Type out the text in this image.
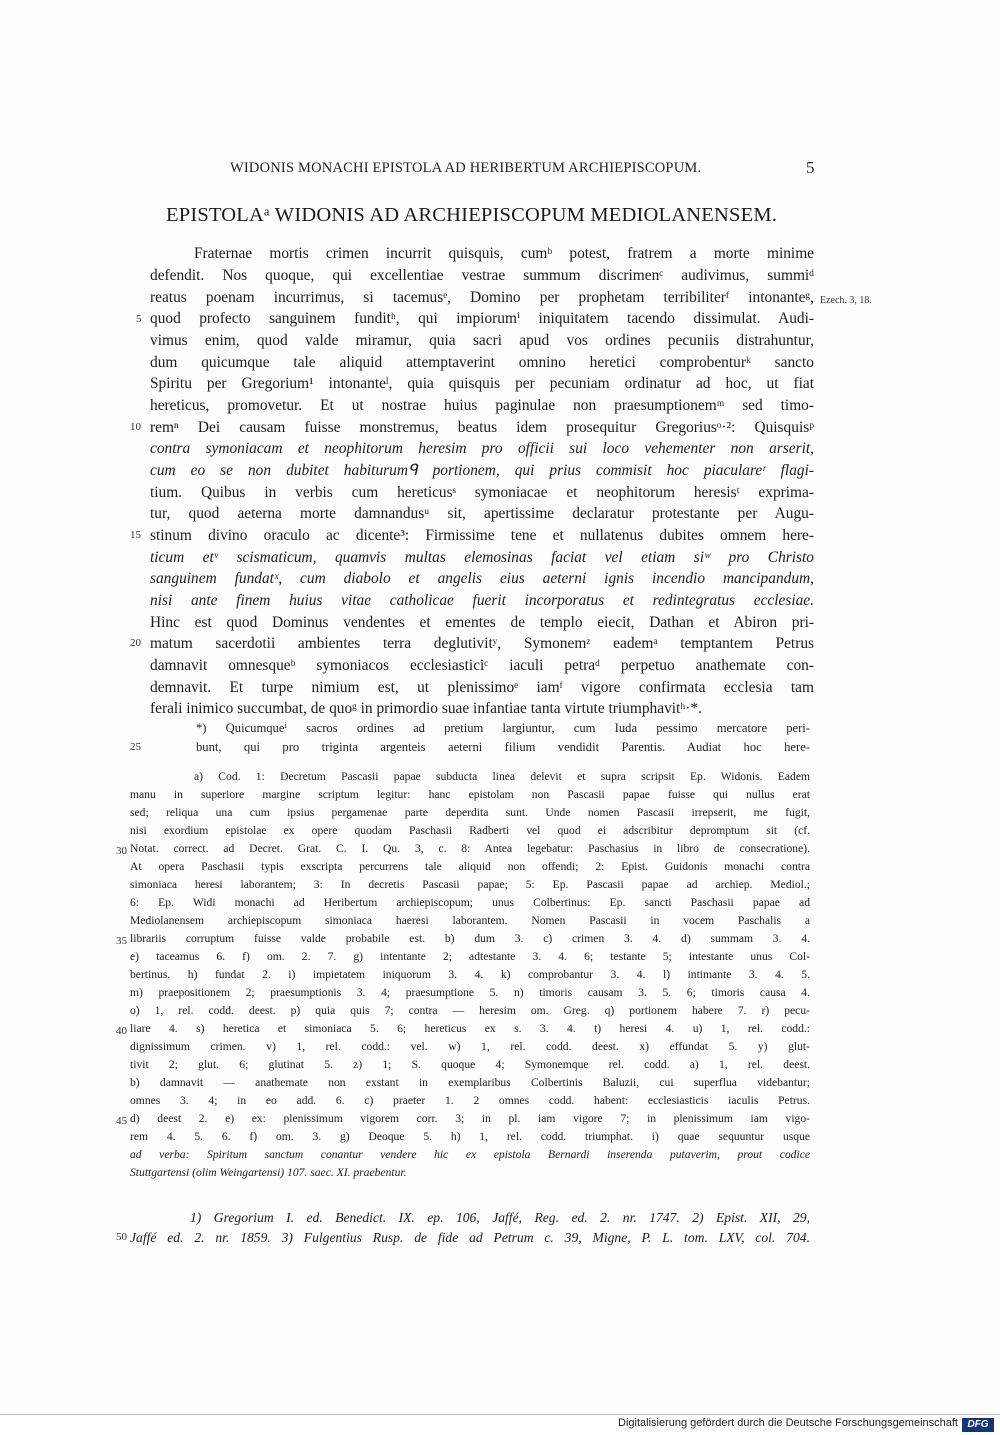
WIDONIS MONACHI EPISTOLA AD HERIBERTUM ARCHIEPISCOPUM.	5
EPISTOLAᵃ WIDONIS AD ARCHIEPISCOPUM MEDIOLANENSEM.
Ezech. 3, 18.
Fraternae mortis crimen incurrit quisquis, cumᵇ potest, fratrem a morte minime
defendit. Nos quoque, qui excellentiae vestrae summum discrimenᶜ audivimus, summiᵈ
reatus poenam incurrimus, si tacemusᵉ, Domino per prophetam terribiliterᶠ intonanteᵍ,
quod profecto sanguinem funditʰ, qui impiorumⁱ iniquitatem tacendo dissimulat. Audi-
vimus enim, quod valde miramur, quia sacri apud vos ordines pecuniis distrahuntur,
dum quicumque tale aliquid attemptaverint omnino heretici comprobenturᵏ sancto
Spiritu per Gregorium¹ intonanteˡ, quia quisquis per pecuniam ordinatur ad hoc, ut fiat
hereticus, promovetur. Et ut nostrae huius paginulae non praesumptionemᵐ sed timo-
remⁿ Dei causam fuisse monstremus, beatus idem prosequitur Gregoriusᵒ·²: Quisquisᵖ
contra symoniacam et neophitorum heresim pro officii sui loco vehementer non arserit,
cum eo se non dubitet habiturumᑫ portionem, qui prius commisit hoc piaculareʳ flagi-
tium. Quibus in verbis cum hereticusˢ symoniacae et neophitorum heresisᵗ exprima-
tur, quod aeterna morte damnandusᵘ sit, apertissime declaratur protestante per Augu-
stinum divino oraculo ac dicente³: Firmissime tene et nullatenus dubites omnem here-
ticum etᵛ scismaticum, quamvis multas elemosinas faciat vel etiam siʷ pro Christo
sanguinem fundatˣ, cum diabolo et angelis eius aeterni ignis incendio mancipandum,
nisi ante finem huius vitae catholicae fuerit incorporatus et redintegratus ecclesiae.
Hinc est quod Dominus vendentes et ementes de templo eiecit, Dathan et Abiron pri-
matum sacerdotii ambientes terra deglutivitʸ, Symonemᶻ eademᵃ temptantem Petrus
damnavit omnesqueᵇ symoniacos ecclesiasticiᶜ iaculi petraᵈ perpetuo anathemate con-
demnavit. Et turpe nimium est, ut plenissimoᵉ iamᶠ vigore confirmata ecclesia tam
ferali inimico succumbat, de quoᵍ in primordio suae infantiae tanta virtute triumphavitʰ·*.
*) Quicumqueⁱ sacros ordines ad pretium largiuntur, cum Iuda pessimo mercatore peri-
bunt, qui pro triginta argenteis aeterni filium vendidit Parentis. Audiat hoc here-
a) Cod. 1: Decretum Pascasii papae subducta linea delevit et supra scripsit Ep. Widonis. Eadem
manu in superiore margine scriptum legitur: hanc epistolam non Pascasii papae fuisse qui nullus erat
sed; reliqua una cum ipsius pergamenae parte deperdita sunt. Unde nomen Pascasii irrepserit, me fugit,
nisi exordium epistolae ex opere quodam Paschasii Radberti vel quod ei adscribitur depromptum sit (cf.
Notat. correct. ad Decret. Grat. C. I. Qu. 3, c. 8: Antea legebatur: Paschasius in libro de consecratione).
At opera Paschasii typis exscripta percurrens tale aliquid non offendi; 2: Epist. Guidonis monachi contra
simoniaca heresi laborantem; 3: In decretis Pascasii papae; 5: Ep. Pascasii papae ad archiep. Mediol.;
6: Ep. Widi monachi ad Heribertum archiepiscopum; unus Colbertinus: Ep. sancti Paschasii papae ad
Mediolanensem archiepiscopum simoniaca haeresi laborantem. Nomen Pascasii in vocem Paschalis a
librariis corruptum fuisse valde probabile est. b) dum 3. c) crimen 3. 4. d) summam 3. 4.
e) taceamus 6. f) om. 2. 7. g) intentante 2; adtestante 3. 4. 6; testante 5; intestante unus Col-
bertinus. h) fundat 2. i) impietatem iniquorum 3. 4. k) comprobantur 3. 4. l) intimante 3. 4. 5.
m) praepositionem 2; praesumptionis 3. 4; praesumptione 5. n) timoris causam 3. 5. 6; timoris causa 4.
o) 1, rel. codd. deest. p) quia quis 7; contra — heresim om. Greg. q) portionem habere 7. r) pecu-
liare 4. s) heretica et simoniaca 5. 6; hereticus ex s. 3. 4. t) heresi 4. u) 1, rel. codd.:
dignissimum crimen. v) 1, rel. codd.: vel. w) 1, rel. codd. deest. x) effundat 5. y) glut-
tivit 2; glut. 6; glutinat 5. z) 1; S. quoque 4; Symonemque rel. codd. a) 1, rel. deest.
b) damnavit — anathemate non exstant in exemplaribus Colbertinis Baluzii, cui superflua videbantur;
omnes 3. 4; in eo add. 6. c) praeter 1. 2 omnes codd. habent: ecclesiasticis iaculis Petrus.
d) deest 2. e) ex: plenissimum vigorem corr. 3; in pl. iam vigore 7; in plenissimum iam vigo-
rem 4. 5. 6. f) om. 3. g) Deoque 5. h) 1, rel. codd. triumphat. i) quae sequuntur usque
ad verba: Spiritum sanctum conantur vendere hic ex epistola Bernardi inserenda putaverim, prout codice
Stuttgartensi (olim Weingartensi) 107. saec. XI. praebentur.
1) Gregorium I. ed. Benedict. IX. ep. 106, Jaffé, Reg. ed. 2. nr. 1747. 2) Epist. XII, 29,
Jaffé ed. 2. nr. 1859. 3) Fulgentius Rusp. de fide ad Petrum c. 39, Migne, P. L. tom. LXV, col. 704.
5
10
15
20
25
30
35
40
45
50
Digitalisierung gefördert durch die Deutsche Forschungsgemeinschaft DFG
